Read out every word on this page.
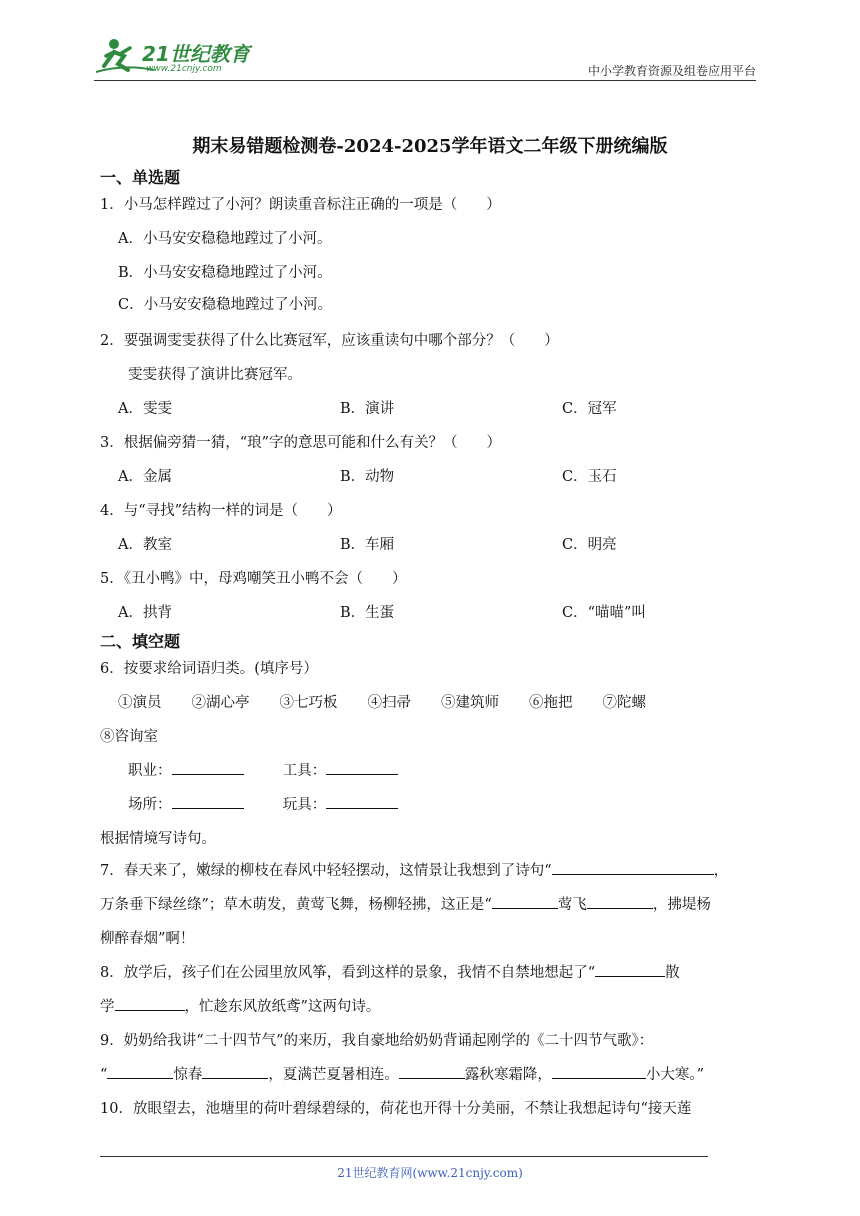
21世纪教育
www.21cnjy.com	中小学教育资源及组卷应用平台
期末易错题检测卷-2024-2025学年语文二年级下册统编版
一、单选题
1．小马怎样蹚过了小河？朗读重音标注正确的一项是（　　）
A．小马安安稳稳地蹚过了小河。
B．小马安安稳稳地蹚过了小河。
C．小马安安稳稳地蹚过了小河。
2．要强调雯雯获得了什么比赛冠军，应该重读句中哪个部分？（　　）
雯雯获得了演讲比赛冠军。
A．雯雯	B．演讲	C．冠军
3．根据偏旁猜一猜，“琅”字的意思可能和什么有关？（　　）
A．金属	B．动物	C．玉石
4．与“寻找”结构一样的词是（　　）
A．教室	B．车厢	C．明亮
5．《丑小鸭》中，母鸡嘲笑丑小鸭不会（　　）
A．拱背	B．生蛋	C．“喵喵”叫
二、填空题
6．按要求给词语归类。(填序号）
①演员 ②湖心亭 ③七巧板 ④扫帚 ⑤建筑师 ⑥拖把 ⑦陀螺
⑧咨询室
职业：	工具：
场所：	玩具：
根据情境写诗句。
7．春天来了，嫩绿的柳枝在春风中轻轻摆动，这情景让我想到了诗句“	，
万条垂下绿丝绦”；草木萌发，黄莺飞舞，杨柳轻拂，这正是“	莺飞	，拂堤杨
柳醉春烟”啊！
8．放学后，孩子们在公园里放风筝，看到这样的景象，我情不自禁地想起了“	散
学	，忙趁东风放纸鸢”这两句诗。
9．奶奶给我讲“二十四节气”的来历，我自豪地给奶奶背诵起刚学的《二十四节气歌》：
“	惊春	，夏满芒夏暑相连。	露秋寒霜降，	小大寒。”
10．放眼望去，池塘里的荷叶碧绿碧绿的，荷花也开得十分美丽，不禁让我想起诗句“接天莲
21世纪教育网(www.21cnjy.com)
